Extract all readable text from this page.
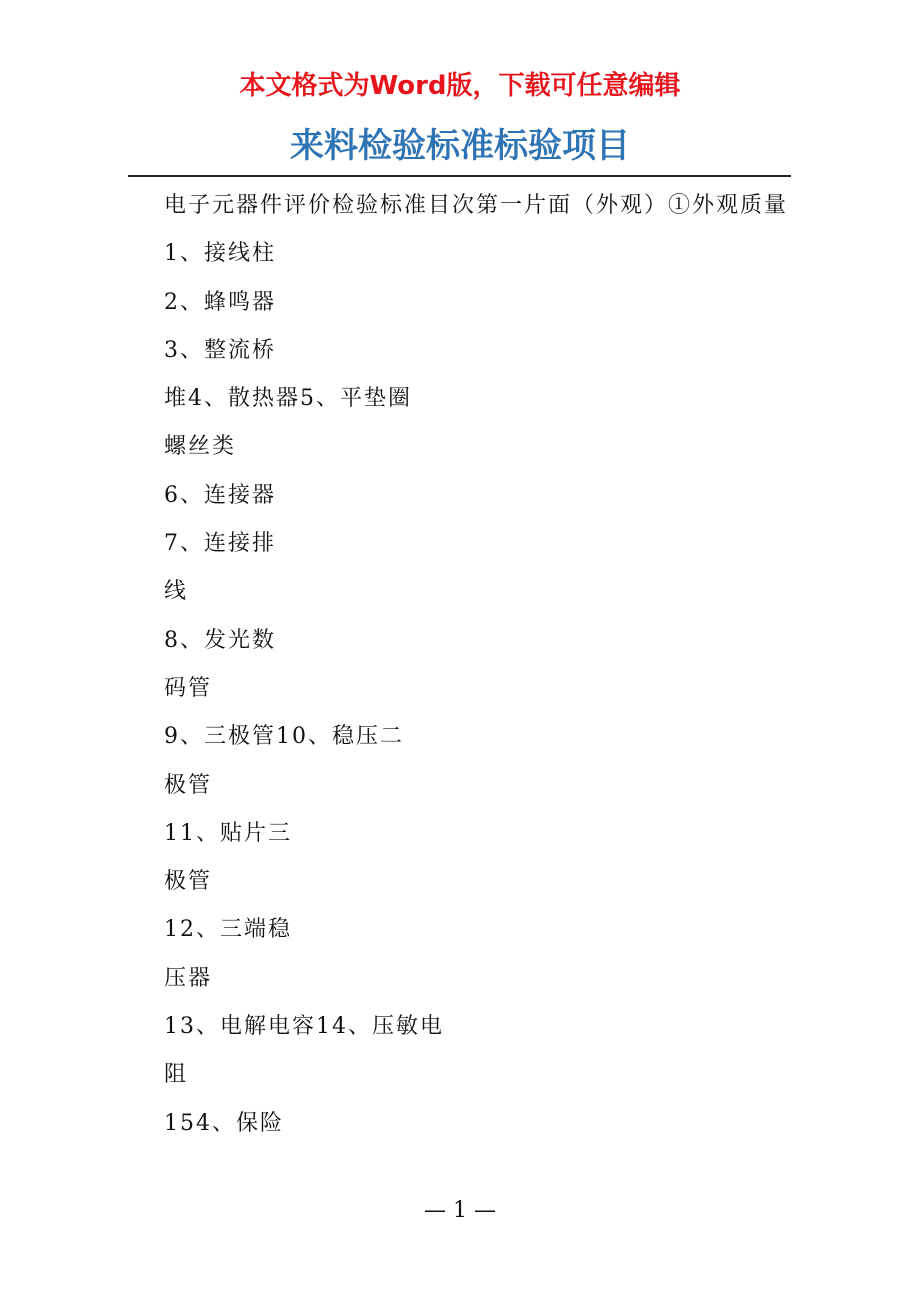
本文格式为Word版，下载可任意编辑
来料检验标准标验项目

电子元器件评价检验标准目次第一片面（外观）①外观质量

1、接线柱

2、蜂鸣器

3、整流桥

堆4、散热器5、平垫圈

螺丝类

6、连接器

7、连接排

线

8、发光数

码管

9、三极管10、稳压二

极管

11、贴片三

极管

12、三端稳

压器

13、电解电容14、压敏电

阻

154、保险

— 1 —
